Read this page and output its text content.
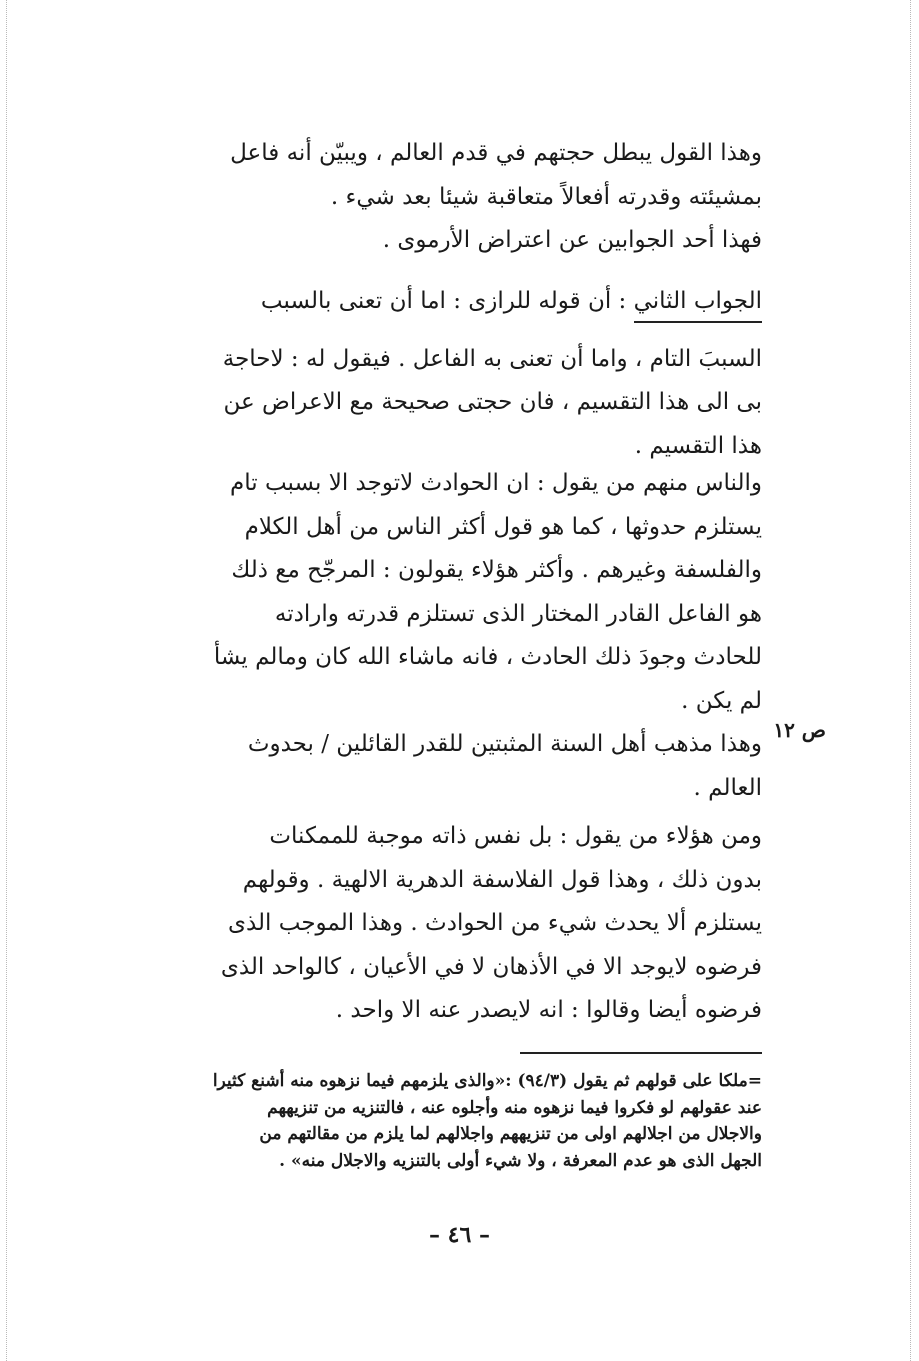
وهذا القول يبطل حجتهم في قدم العالم ، ويبيّن أنه فاعل
بمشيئته وقدرته أفعالاً متعاقبة شيئا بعد شيء .
فهذا أحد الجوابين عن اعتراض الأرموى .
الجواب الثاني : أن قوله للرازى : اما أن تعنى بالسبب
السببَ التام ، واما أن تعنى به الفاعل . فيقول له : لاحاجة
بى الى هذا التقسيم ، فان حجتى صحيحة مع الاعراض عن
هذا التقسيم .
والناس منهم من يقول : ان الحوادث لاتوجد الا بسبب تام
يستلزم حدوثها ، كما هو قول أكثر الناس من أهل الكلام
والفلسفة وغيرهم . وأكثر هؤلاء يقولون : المرجّح مع ذلك
هو الفاعل القادر المختار الذى تستلزم قدرته وارادته
للحادث وجودَ ذلك الحادث ، فانه ماشاء الله كان ومالم يشأ
لم يكن .
ص ١٢
وهذا مذهب أهل السنة المثبتين للقدر القائلين / بحدوث
العالم .
ومن هؤلاء من يقول : بل نفس ذاته موجبة للممكنات
بدون ذلك ، وهذا قول الفلاسفة الدهرية الالهية . وقولهم
يستلزم ألا يحدث شيء من الحوادث . وهذا الموجب الذى
فرضوه لايوجد الا في الأذهان لا في الأعيان ، كالواحد الذى
فرضوه أيضا وقالوا : انه لايصدر عنه الا واحد .
=ملكا على قولهم ثم يقول (٩٤/٣) :«والذى يلزمهم فيما نزهوه منه أشنع كثيرا
عند عقولهم لو فكروا فيما نزهوه منه وأجلوه عنه ، فالتنزيه من تنزيههم
والاجلال من اجلالهم اولى من تنزيههم واجلالهم لما يلزم من مقالتهم من
الجهل الذى هو عدم المعرفة ، ولا شيء أولى بالتنزيه والاجلال منه» .
– ٤٦ –
